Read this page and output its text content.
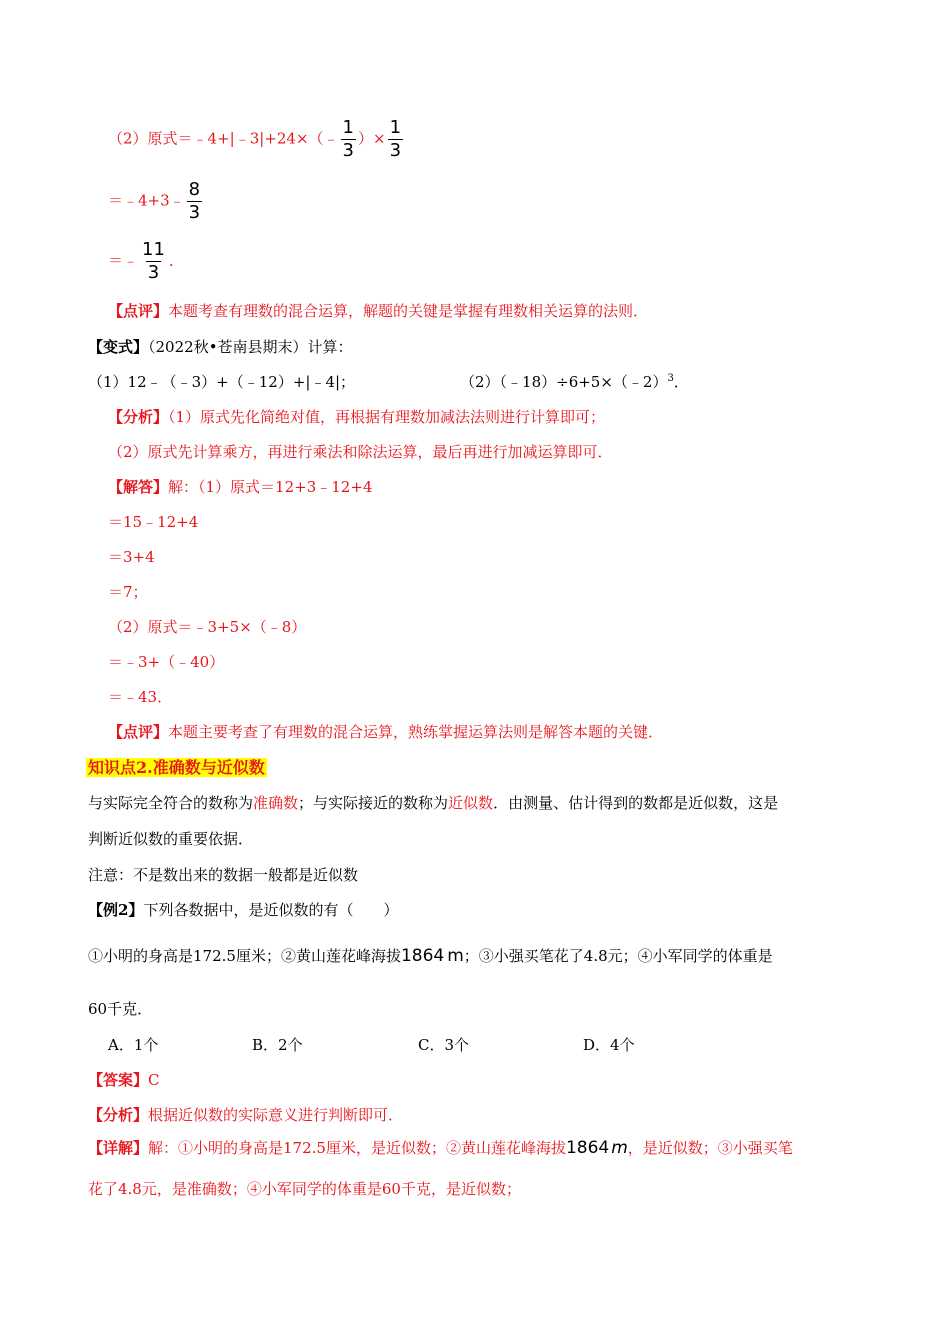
（2）原式＝﹣4+|﹣3|+24×（﹣ $\frac{1}{3}$ ）× $\frac{1}{3}$
＝﹣4+3﹣ $\frac{8}{3}$
＝﹣ $\frac{11}{3}$ ．
【点评】本题考查有理数的混合运算，解题的关键是掌握有理数相关运算的法则．
【变式】（2022秋•苍南县期末）计算：
（1）12﹣（﹣3）+（﹣12）+|﹣4|；	（2）（﹣18）÷6+5×（﹣2）$^3$．
【分析】（1）原式先化简绝对值，再根据有理数加减法法则进行计算即可；
（2）原式先计算乘方，再进行乘法和除法运算，最后再进行加减运算即可．
【解答】解：（1）原式＝12+3﹣12+4
＝15﹣12+4
＝3+4
＝7；
（2）原式＝﹣3+5×（﹣8）
＝﹣3+（﹣40）
＝﹣43．
【点评】本题主要考查了有理数的混合运算，熟练掌握运算法则是解答本题的关键．
知识点2.准确数与近似数
与实际完全符合的数称为准确数；与实际接近的数称为近似数．由测量、估计得到的数都是近似数，这是
判断近似数的重要依据．
注意：不是数出来的数据一般都是近似数
【例2】下列各数据中，是近似数的有（　　）
①小明的身高是172.5厘米；②黄山莲花峰海拔1864 m；③小强买笔花了4.8元；④小军同学的体重是
60千克．
A．1个	B．2个	C．3个	D．4个
【答案】C
【分析】根据近似数的实际意义进行判断即可．
【详解】解：①小明的身高是172.5厘米，是近似数；②黄山莲花峰海拔1864 m，是近似数；③小强买笔
花了4.8元，是准确数；④小军同学的体重是60千克，是近似数；
